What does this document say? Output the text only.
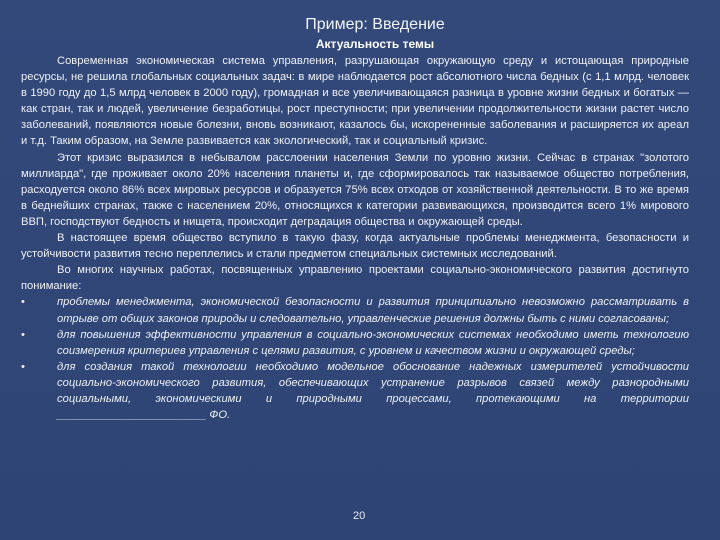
Пример: Введение
Актуальность темы

Современная экономическая система управления, разрушающая окружающую среду и истощающая природные ресурсы, не решила глобальных социальных задач: в мире наблюдается рост абсолютного числа бедных (с 1,1 млрд. человек в 1990 году до 1,5 млрд человек в 2000 году), громадная и все увеличивающаяся разница в уровне жизни бедных и богатых — как стран, так и людей, увеличение безработицы, рост преступности; при увеличении продолжительности жизни растет число заболеваний, появляются новые болезни, вновь возникают, казалось бы, искорененные заболевания и расширяется их ареал и т.д. Таким образом, на Земле развивается как экологический, так и социальный кризис.

Этот кризис выразился в небывалом расслоении населения Земли по уровню жизни. Сейчас в странах "золотого миллиарда", где проживает около 20% населения планеты и, где сформировалось так называемое общество потребления, расходуется около 86% всех мировых ресурсов и образуется 75% всех отходов от хозяйственной деятельности. В то же время в беднейших странах, также с населением 20%, относящихся к категории развивающихся, производится всего 1% мирового ВВП, господствуют бедность и нищета, происходит деградация общества и окружающей среды.

В настоящее время общество вступило в такую фазу, когда актуальные проблемы менеджмента, безопасности и устойчивости развития тесно переплелись и стали предметом специальных системных исследований.

Во многих научных работах, посвященных управлению проектами социально-экономического развития достигнуто понимание:

•	проблемы менеджмента, экономической безопасности и развития принципиально невозможно рассматривать в отрыве от общих законов природы и следовательно, управленческие решения должны быть с ними согласованы;
•	для повышения эффективности управления в социально-экономических системах необходимо иметь технологию соизмерения критериев управления с целями развития, с уровнем и качеством жизни и окружающей среды;
•	для создания такой технологии необходимо модельное обоснование надежных измерителей устойчивости социально-экономического развития, обеспечивающих устранение разрывов связей между разнородными социальными, экономическими и природными процессами, протекающими на территории ________________________ ФО.
20
